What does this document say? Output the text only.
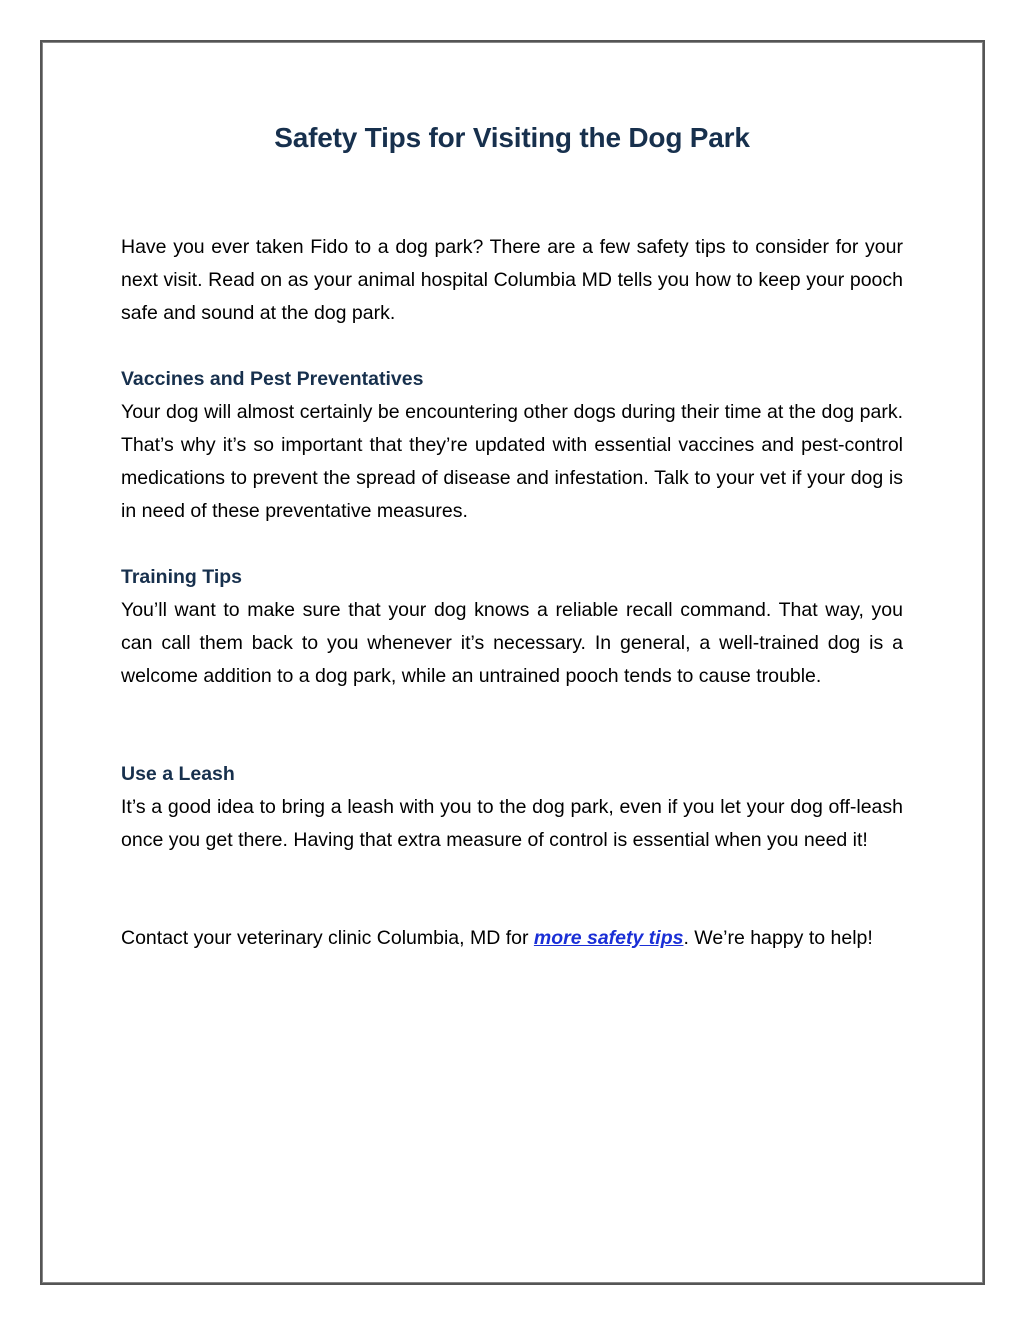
Safety Tips for Visiting the Dog Park

Have you ever taken Fido to a dog park? There are a few safety tips to consider for your next visit. Read on as your animal hospital Columbia MD tells you how to keep your pooch safe and sound at the dog park.

Vaccines and Pest Preventatives

Your dog will almost certainly be encountering other dogs during their time at the dog park. That’s why it’s so important that they’re updated with essential vaccines and pest-control medications to prevent the spread of disease and infestation. Talk to your vet if your dog is in need of these preventative measures.

Training Tips

You’ll want to make sure that your dog knows a reliable recall command. That way, you can call them back to you whenever it’s necessary. In general, a well-trained dog is a welcome addition to a dog park, while an untrained pooch tends to cause trouble.

Use a Leash

It’s a good idea to bring a leash with you to the dog park, even if you let your dog off-leash once you get there. Having that extra measure of control is essential when you need it!

Contact your veterinary clinic Columbia, MD for more safety tips. We’re happy to help!
